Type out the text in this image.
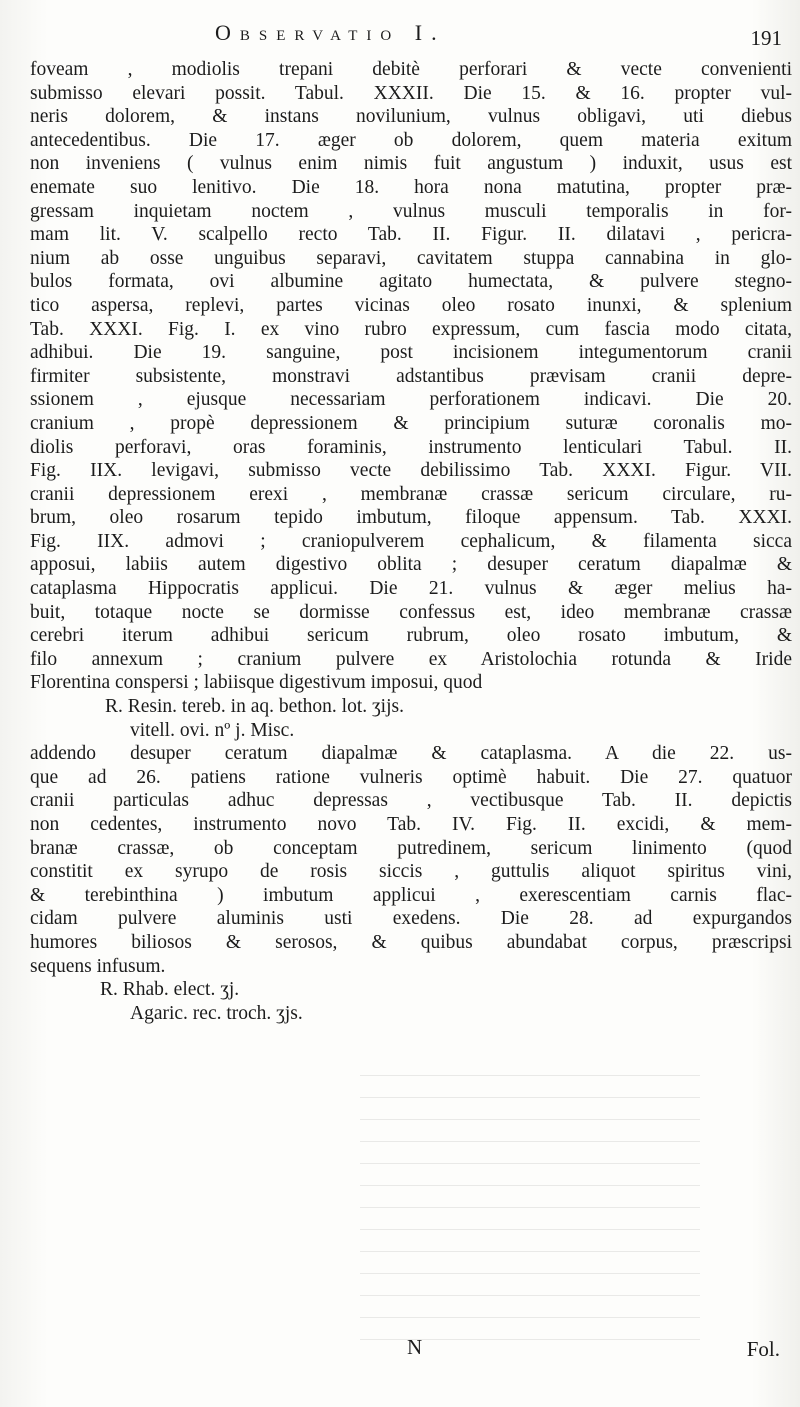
Observatio I.	191
foveam , modiolis trepani debitè perforari & vecte convenienti
submisso elevari possit. Tabul. XXXII. Die 15. & 16. propter vul-
neris dolorem, & instans novilunium, vulnus obligavi, uti diebus
antecedentibus. Die 17. æger ob dolorem, quem materia exitum
non inveniens ( vulnus enim nimis fuit angustum ) induxit, usus est
enemate suo lenitivo. Die 18. hora nona matutina, propter præ-
gressam inquietam noctem , vulnus musculi temporalis in for-
mam lit. V. scalpello recto Tab. II. Figur. II. dilatavi , pericra-
nium ab osse unguibus separavi, cavitatem stuppa cannabina in glo-
bulos formata, ovi albumine agitato humectata, & pulvere stegno-
tico aspersa, replevi, partes vicinas oleo rosato inunxi, & splenium
Tab. XXXI. Fig. I. ex vino rubro expressum, cum fascia modo citata,
adhibui. Die 19. sanguine, post incisionem integumentorum cranii
firmiter subsistente, monstravi adstantibus prævisam cranii depre-
ssionem , ejusque necessariam perforationem indicavi. Die 20.
cranium , propè depressionem & principium suturæ coronalis mo-
diolis perforavi, oras foraminis, instrumento lenticulari Tabul. II.
Fig. IIX. levigavi, submisso vecte debilissimo Tab. XXXI. Figur. VII.
cranii depressionem erexi , membranæ crassæ sericum circulare, ru-
brum, oleo rosarum tepido imbutum, filoque appensum. Tab. XXXI.
Fig. IIX. admovi ; craniopulverem cephalicum, & filamenta sicca
apposui, labiis autem digestivo oblita ; desuper ceratum diapalmæ &
cataplasma Hippocratis applicui. Die 21. vulnus & æger melius ha-
buit, totaque nocte se dormisse confessus est, ideo membranæ crassæ
cerebri iterum adhibui sericum rubrum, oleo rosato imbutum, &
filo annexum ; cranium pulvere ex Aristolochia rotunda & Iride
Florentina conspersi ; labiisque digestivum imposui, quod
R. Resin. tereb. in aq. bethon. lot. ʒijs.
vitell. ovi. nº j. Misc.
addendo desuper ceratum diapalmæ & cataplasma. A die 22. us-
que ad 26. patiens ratione vulneris optimè habuit. Die 27. quatuor
cranii particulas adhuc depressas , vectibusque Tab. II. depictis
non cedentes, instrumento novo Tab. IV. Fig. II. excidi, & mem-
branæ crassæ, ob conceptam putredinem, sericum linimento (quod
constitit ex syrupo de rosis siccis , guttulis aliquot spiritus vini,
& terebinthina ) imbutum applicui , exerescentiam carnis flac-
cidam pulvere aluminis usti exedens. Die 28. ad expurgandos
humores biliosos & serosos, & quibus abundabat corpus, præscripsi
sequens infusum.
R. Rhab. elect. ʒj.
Agaric. rec. troch. ʒjs.
N	Fol.
